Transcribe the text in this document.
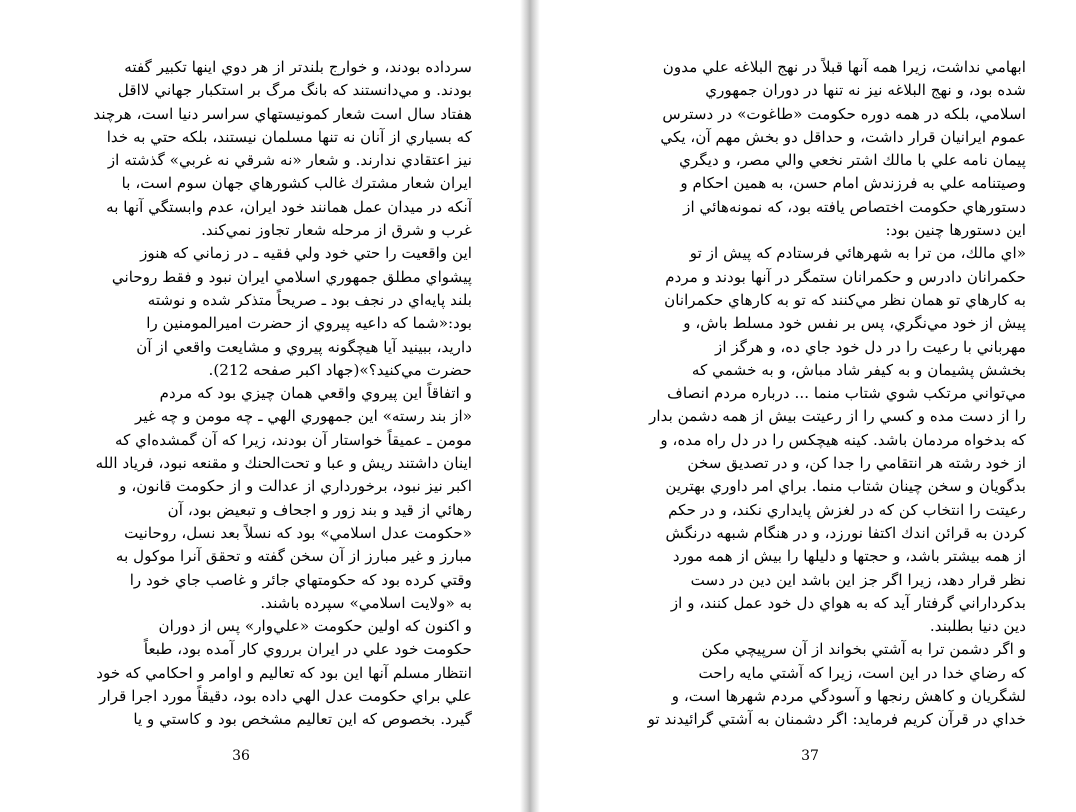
سرداده بودند، و خوارج بلندتر از هر دوي اينها تكبير گفته
بودند. و مي‌دانستند كه بانگ مرگ بر استكبار جهاني لااقل
هفتاد سال است شعار كمونيستهاي سراسر دنيا است، هرچند
كه بسياري از آنان نه تنها مسلمان نيستند، بلكه حتي به خدا
نيز اعتقادي ندارند. و شعار «نه شرقي نه غربي» گذشته از
ايران شعار مشترك غالب كشورهاي جهان سوم است، با
آنكه در ميدان عمل همانند خود ايران، عدم وابستگي آنها به
غرب و شرق از مرحله شعار تجاوز نمي‌كند.
اين واقعيت را حتي خود ولي فقيه ـ در زماني كه هنوز
پيشواي مطلق جمهوري اسلامي ايران نبود و فقط روحاني
بلند پايه‌اي در نجف بود ـ صريحاً متذكر شده و نوشته
بود:«شما كه داعيه پيروي از حضرت اميرالمومنين را
داريد، ببينيد آيا هيچگونه پيروي و مشايعت واقعي از آن
حضرت مي‌كنيد؟»(جهاد اكبر صفحه 212).
و اتفاقاً اين پيروي واقعي همان چيزي بود كه مردم
«از بند رسته» اين جمهوري الهي ـ چه مومن و چه غير
مومن ـ عميقاً خواستار آن بودند، زيرا كه آن گمشده‌اي كه
اينان داشتند ريش و عبا و تحت‌الحنك و مقنعه نبود، فرياد الله
اكبر نيز نبود، برخورداري از عدالت و از حكومت قانون، و
رهائي از قيد و بند زور و اجحاف و تبعيض بود، آن
«حكومت عدل اسلامي» بود كه نسلاً بعد نسل، روحانيت
مبارز و غير مبارز از آن سخن گفته و تحقق آنرا موكول به
وقتي كرده بود كه حكومتهاي جائر و غاصب جاي خود را
به «ولايت اسلامي» سپرده باشند.
و اكنون كه اولين حكومت «علي‌وار» پس از دوران
حكومت خود علي در ايران برروي كار آمده بود، طبعاً
انتظار مسلم آنها اين بود كه تعاليم و اوامر و احكامي كه خود
علي براي حكومت عدل الهي داده بود، دقيقاً مورد اجرا قرار
گيرد. بخصوص كه اين تعاليم مشخص بود و كاستي و يا
36
ابهامي نداشت، زيرا همه آنها قبلاً در نهج البلاغه علي مدون
شده بود، و نهج البلاغه نيز نه تنها در دوران جمهوري
اسلامي، بلكه در همه دوره حكومت «طاغوت» در دسترس
عموم ايرانيان قرار داشت، و حداقل دو بخش مهم آن، يكي
پيمان نامه علي با مالك اشتر نخعي والي مصر، و ديگري
وصيتنامه علي به فرزندش امام حسن، به همين احكام و
دستورهاي حكومت اختصاص يافته بود، كه نمونه‌هائي از
اين دستورها چنين بود:
«اي مالك، من ترا به شهرهائي فرستادم كه پيش از تو
حكمرانان دادرس و حكمرانان ستمگر در آنها بودند و مردم
به كارهاي تو همان نظر مي‌كنند كه تو به كارهاي حكمرانان
پيش از خود مي‌نگري، پس بر نفس خود مسلط باش، و
مهرباني با رعيت را در دل خود جاي ده، و هرگز از
بخشش پشيمان و به كيفر شاد مباش، و به خشمي كه
مي‌تواني مرتكب شوي شتاب منما ... درباره مردم انصاف
را از دست مده و كسي را از رعيتت بيش از همه دشمن بدار
كه بدخواه مردمان باشد. كينه هيچكس را در دل راه مده، و
از خود رشته هر انتقامي را جدا كن، و در تصديق سخن
بدگويان و سخن چينان شتاب منما. براي امر داوري بهترين
رعيتت را انتخاب كن كه در لغزش پايداري نكند، و در حكم
كردن به قرائن اندك اكتفا نورزد، و در هنگام شبهه درنگش
از همه بيشتر باشد، و حجتها و دليلها را بيش از همه مورد
نظر قرار دهد، زيرا اگر جز اين باشد اين دين در دست
بدكرداراني گرفتار آيد كه به هواي دل خود عمل كنند، و از
دين دنيا بطلبند.
و اگر دشمن ترا به آشتي بخواند از آن سرپيچي مكن
كه رضاي خدا در اين است، زيرا كه آشتي مايه راحت
لشگريان و كاهش رنجها و آسودگي مردم شهرها است، و
خداي در قرآن كريم فرمايد: اگر دشمنان به آشتي گرائيدند تو
37
